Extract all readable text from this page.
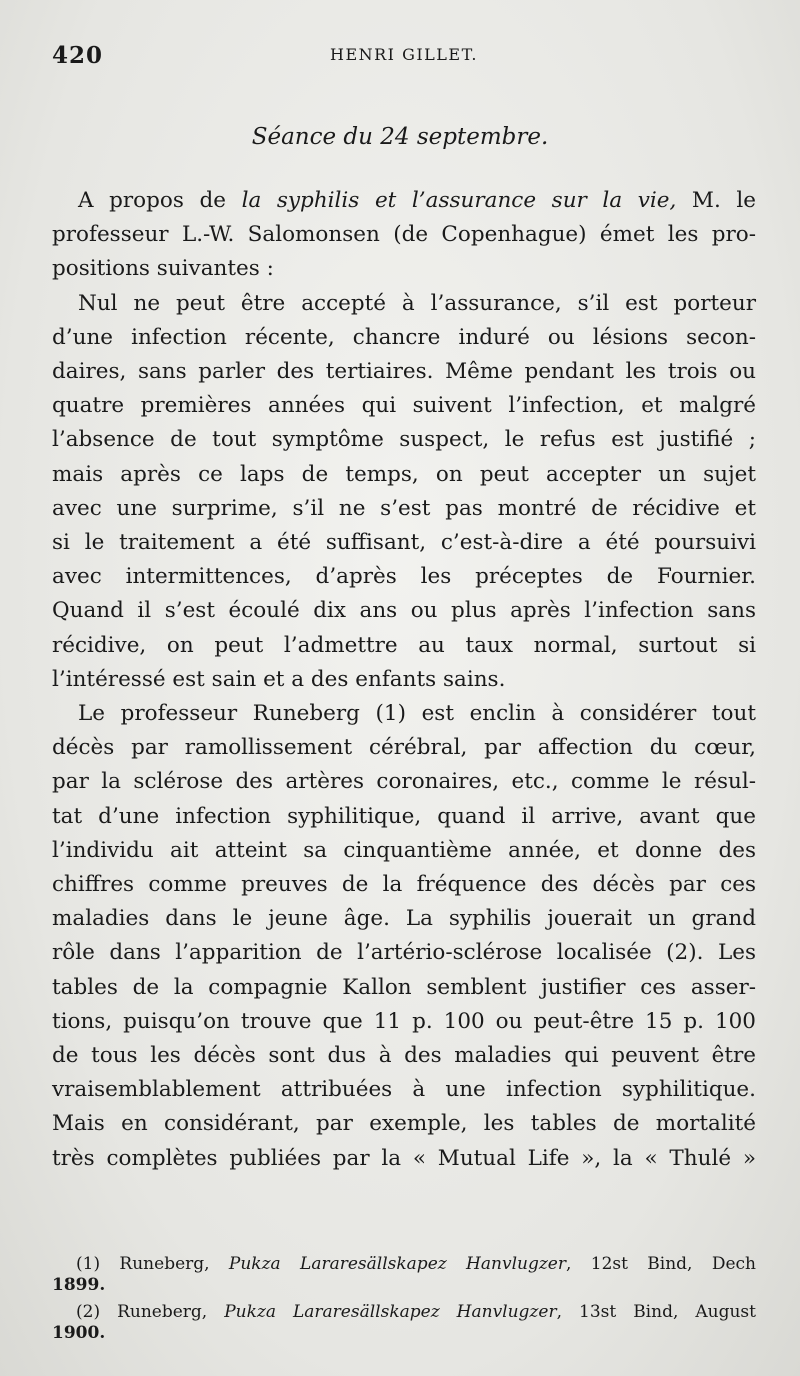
420	HENRI GILLET.
Séance du 24 septembre.
A propos de la syphilis et l’assurance sur la vie, M. le
professeur L.-W. Salomonsen (de Copenhague) émet les pro-
positions suivantes :
Nul ne peut être accepté à l’assurance, s’il est porteur
d’une infection récente, chancre induré ou lésions secon-
daires, sans parler des tertiaires. Même pendant les trois ou
quatre premières années qui suivent l’infection, et malgré
l’absence de tout symptôme suspect, le refus est justifié ;
mais après ce laps de temps, on peut accepter un sujet
avec une surprime, s’il ne s’est pas montré de récidive et
si le traitement a été suffisant, c’est-à-dire a été poursuivi
avec intermittences, d’après les préceptes de Fournier.
Quand il s’est écoulé dix ans ou plus après l’infection sans
récidive, on peut l’admettre au taux normal, surtout si
l’intéressé est sain et a des enfants sains.
Le professeur Runeberg (1) est enclin à considérer tout
décès par ramollissement cérébral, par affection du cœur,
par la sclérose des artères coronaires, etc., comme le résul-
tat d’une infection syphilitique, quand il arrive, avant que
l’individu ait atteint sa cinquantième année, et donne des
chiffres comme preuves de la fréquence des décès par ces
maladies dans le jeune âge. La syphilis jouerait un grand
rôle dans l’apparition de l’artério-sclérose localisée (2). Les
tables de la compagnie Kallon semblent justifier ces asser-
tions, puisqu’on trouve que 11 p. 100 ou peut-être 15 p. 100
de tous les décès sont dus à des maladies qui peuvent être
vraisemblablement attribuées à une infection syphilitique.
Mais en considérant, par exemple, les tables de mortalité
très complètes publiées par la « Mutual Life », la « Thulé »
(1) Runeberg, Pukza Lararesällskapez Hanvlugzer, 12st Bind, Dech
1899.
(2) Runeberg, Pukza Lararesällskapez Hanvlugzer, 13st Bind, August
1900.
